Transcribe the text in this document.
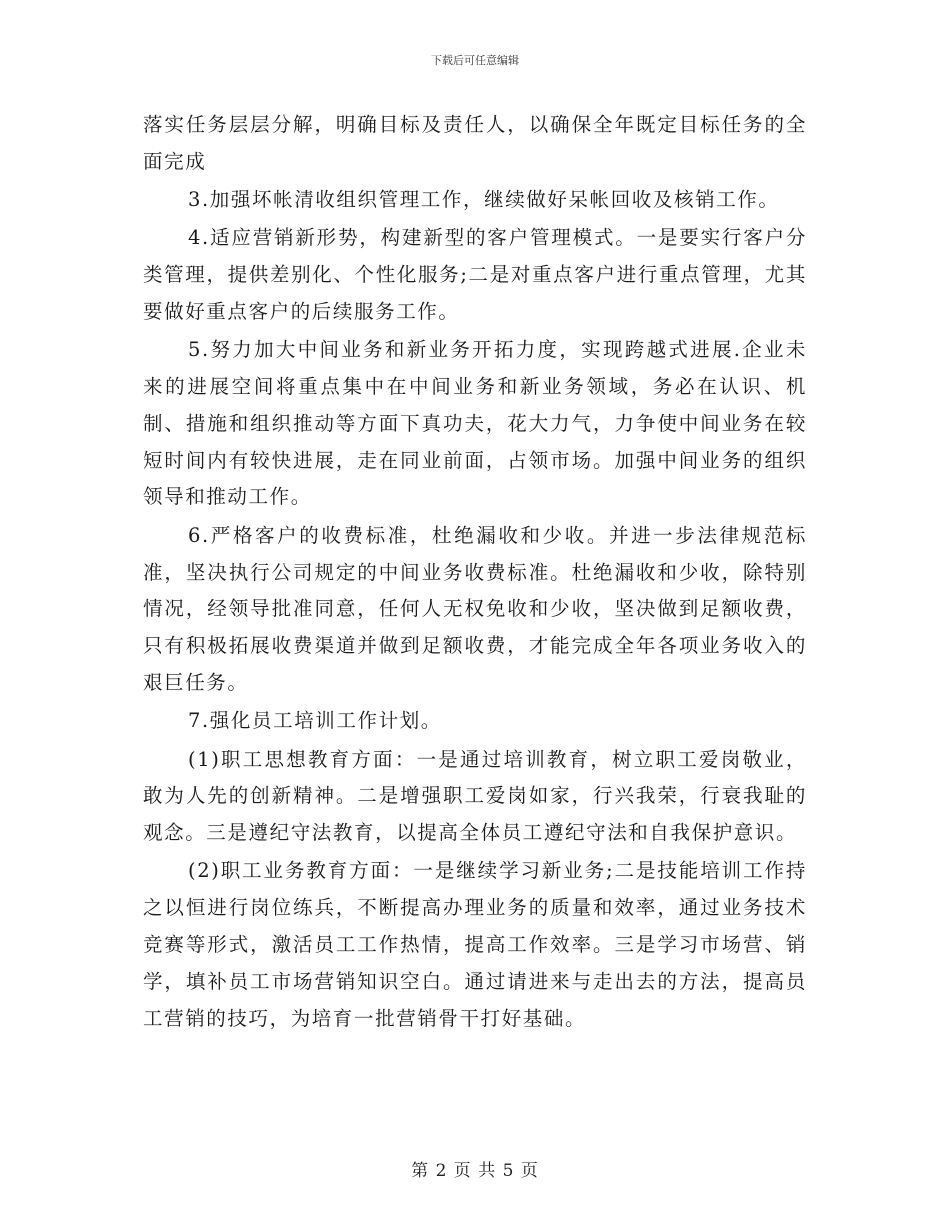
下载后可任意编辑

落实任务层层分解，明确目标及责任人，以确保全年既定目标任务的全面完成

3.加强坏帐清收组织管理工作，继续做好呆帐回收及核销工作。

4.适应营销新形势，构建新型的客户管理模式。一是要实行客户分类管理，提供差别化、个性化服务;二是对重点客户进行重点管理，尤其要做好重点客户的后续服务工作。

5.努力加大中间业务和新业务开拓力度，实现跨越式进展.企业未来的进展空间将重点集中在中间业务和新业务领域，务必在认识、机制、措施和组织推动等方面下真功夫，花大力气，力争使中间业务在较短时间内有较快进展，走在同业前面，占领市场。加强中间业务的组织领导和推动工作。

6.严格客户的收费标准，杜绝漏收和少收。并进一步法律规范标准，坚决执行公司规定的中间业务收费标准。杜绝漏收和少收，除特别情况，经领导批准同意，任何人无权免收和少收，坚决做到足额收费，只有积极拓展收费渠道并做到足额收费，才能完成全年各项业务收入的艰巨任务。

7.强化员工培训工作计划。

(1)职工思想教育方面：一是通过培训教育，树立职工爱岗敬业，敢为人先的创新精神。二是增强职工爱岗如家，行兴我荣，行衰我耻的观念。三是遵纪守法教育，以提高全体员工遵纪守法和自我保护意识。

(2)职工业务教育方面：一是继续学习新业务;二是技能培训工作持之以恒进行岗位练兵，不断提高办理业务的质量和效率，通过业务技术竞赛等形式，激活员工工作热情，提高工作效率。三是学习市场营、销学，填补员工市场营销知识空白。通过请进来与走出去的方法，提高员工营销的技巧，为培育一批营销骨干打好基础。

第 2 页 共 5 页
